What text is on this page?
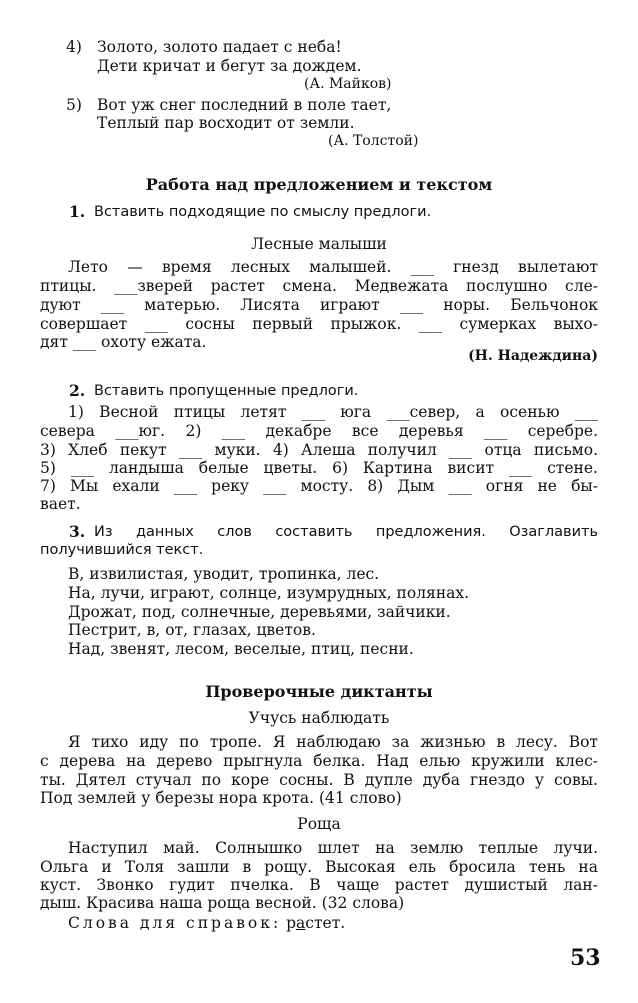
4) Золото, золото падает с неба!
Дети кричат и бегут за дождем.
(А. Майков)
5) Вот уж снег последний в поле тает,
Теплый пар восходит от земли.
(А. Толстой)
Работа над предложением и текстом
1. Вставить подходящие по смыслу предлоги.
Лесные малыши
Лето — время лесных малышей. ___ гнезд вылетают
птицы. ___зверей растет смена. Медвежата послушно сле-
дуют ___ матерью. Лисята играют ___ норы. Бельчонок
совершает ___ сосны первый прыжок. ___ сумерках выхо-
дят ___ охоту ежата.
(Н. Надеждина)
2. Вставить пропущенные предлоги.
1) Весной птицы летят ___ юга ___север, а осенью ___
севера ___юг. 2) ___ декабре все деревья ___ серебре.
3) Хлеб пекут ___ муки. 4) Алеша получил ___ отца письмо.
5) ___ ландыша белые цветы. 6) Картина висит ___ стене.
7) Мы ехали ___ реку ___ мосту. 8) Дым ___ огня не бы-
вает.
3. Из данных слов составить предложения. Озаглавить
получившийся текст.
В, извилистая, уводит, тропинка, лес.
На, лучи, играют, солнце, изумрудных, полянах.
Дрожат, под, солнечные, деревьями, зайчики.
Пестрит, в, от, глазах, цветов.
Над, звенят, лесом, веселые, птиц, песни.
Проверочные диктанты
Учусь наблюдать
Я тихо иду по тропе. Я наблюдаю за жизнью в лесу. Вот
с дерева на дерево прыгнула белка. Над елью кружили клес-
ты. Дятел стучал по коре сосны. В дупле дуба гнездо у совы.
Под землей у березы нора крота. (41 слово)
Роща
Наступил май. Солнышко шлет на землю теплые лучи.
Ольга и Толя зашли в рощу. Высокая ель бросила тень на
куст. Звонко гудит пчелка. В чаще растет душистый лан-
дыш. Красива наша роща весной. (32 слова)
Слова для справок: растет.
53
